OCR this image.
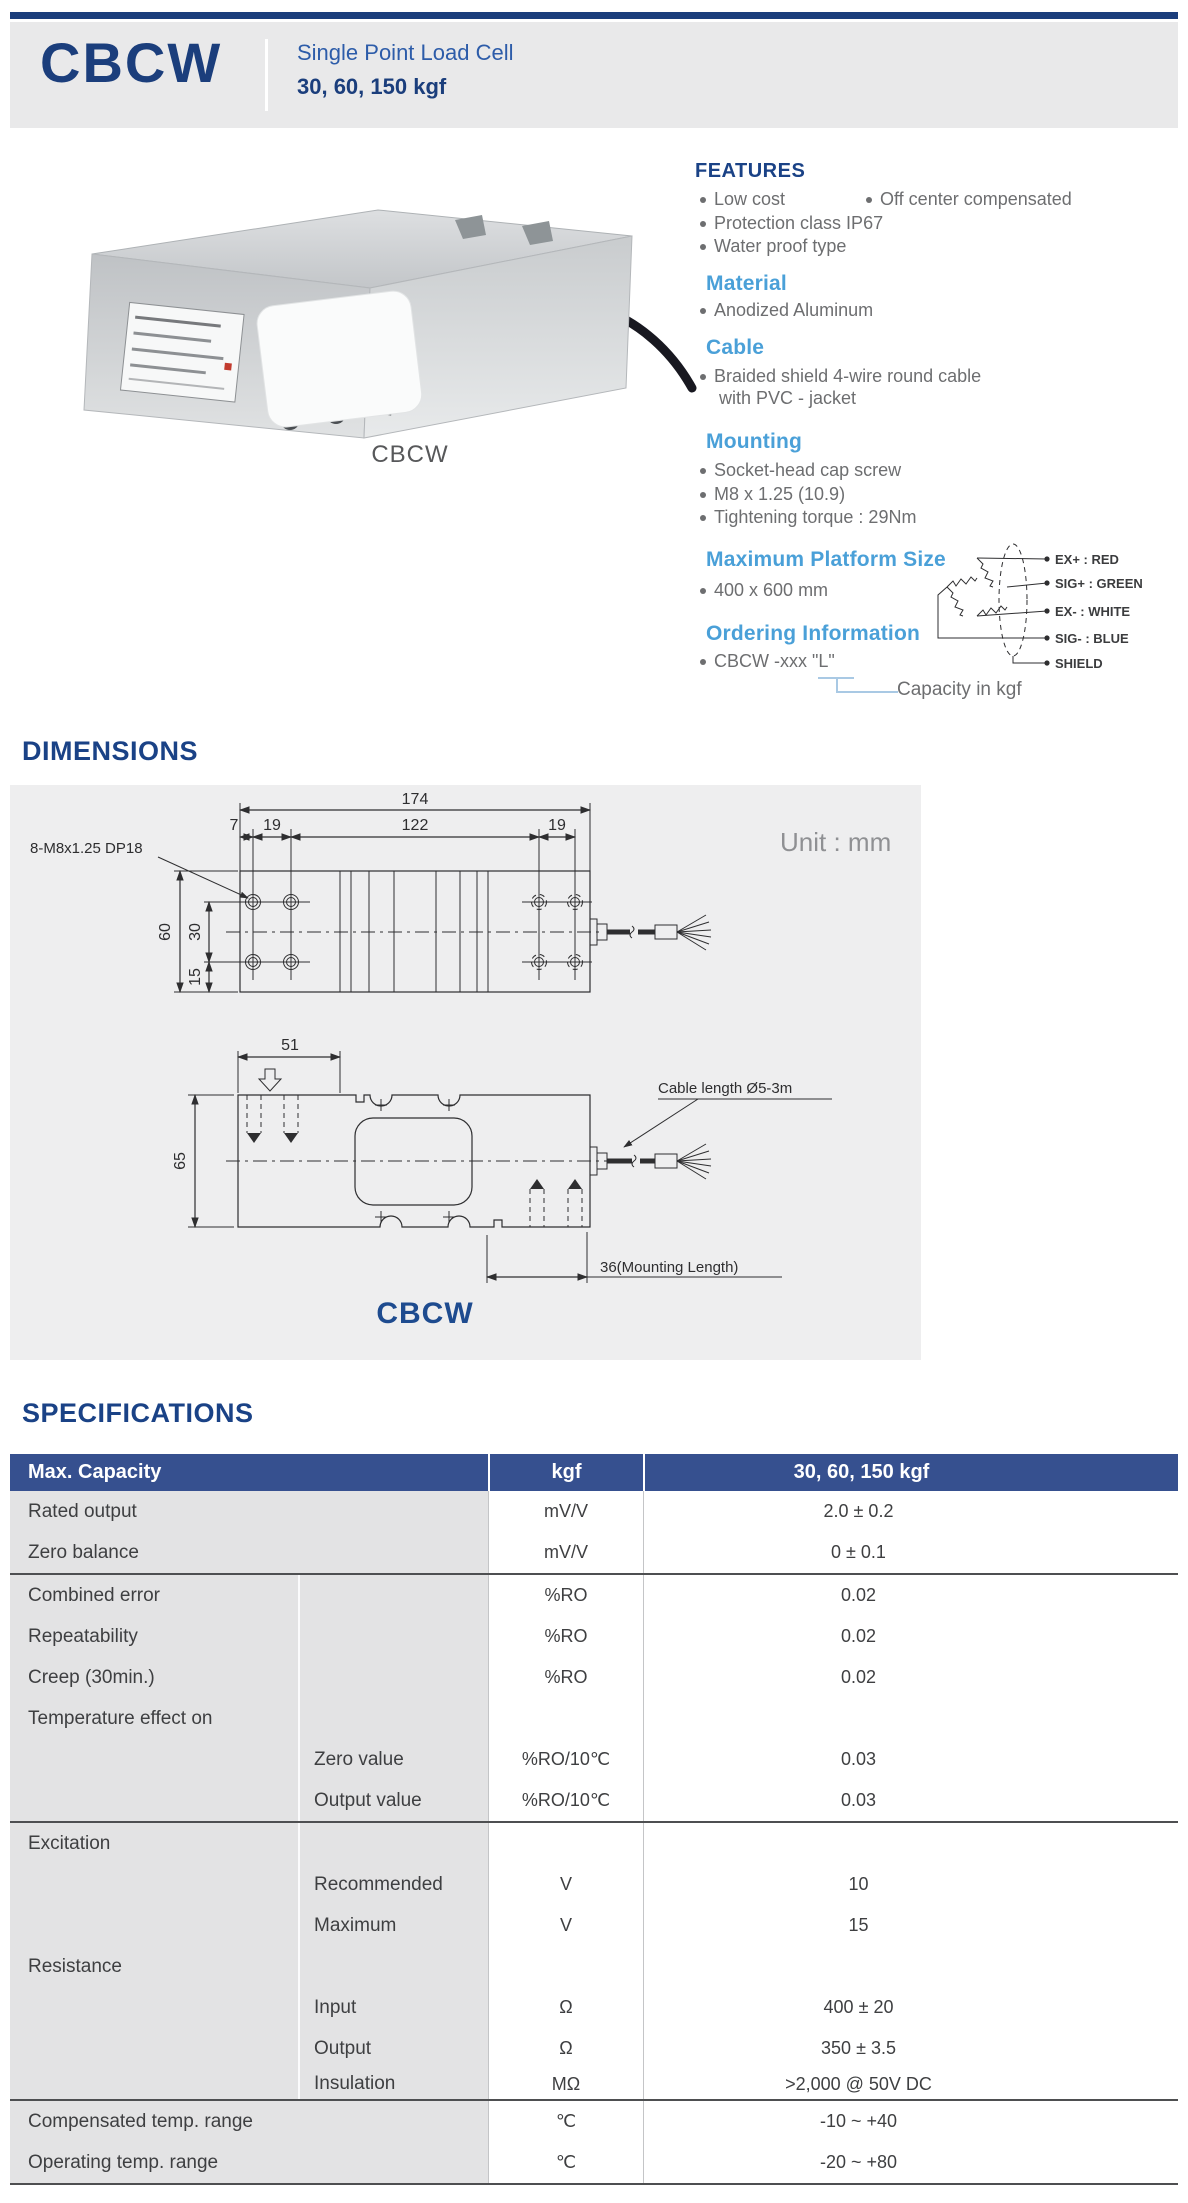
CBCW	Single Point Load Cell
30, 60, 150 kgf
CBCW
FEATURES
Low cost	Off center compensated
Protection class IP67
Water proof type
Material
Anodized Aluminum
Cable
Braided shield 4-wire round cable
with PVC - jacket
Mounting
Socket-head cap screw
M8 x 1.25 (10.9)
Tightening torque : 29Nm
Maximum Platform Size
400 x 600 mm
Ordering Information
CBCW -xxx "L"
Capacity in kgf
EX+ : RED
SIG+ : GREEN
EX- : WHITE
SIG- : BLUE
SHIELD
DIMENSIONS
174
7 19	122	19
60 30
15
8-M8x1.25 DP18	Unit : mm
51
65
Cable length Ø5-3m
36(Mounting Length)
CBCW
SPECIFICATIONS
Max. Capacity	kgf	30, 60, 150 kgf
Rated output	mV/V	2.0 ± 0.2
Zero balance	mV/V	0 ± 0.1
Combined error	%RO	0.02
Repeatability	%RO	0.02
Creep (30min.)	%RO	0.02
Temperature effect on
Zero value	%RO/10℃	0.03
Output value	%RO/10℃	0.03
Excitation
Recommended	V	10
Maximum	V	15
Resistance
Input	Ω	400 ± 20
Output	Ω	350 ± 3.5
Insulation	MΩ	>2,000 @ 50V DC
Compensated temp. range	℃	-10 ~ +40
Operating temp. range	℃	-20 ~ +80
